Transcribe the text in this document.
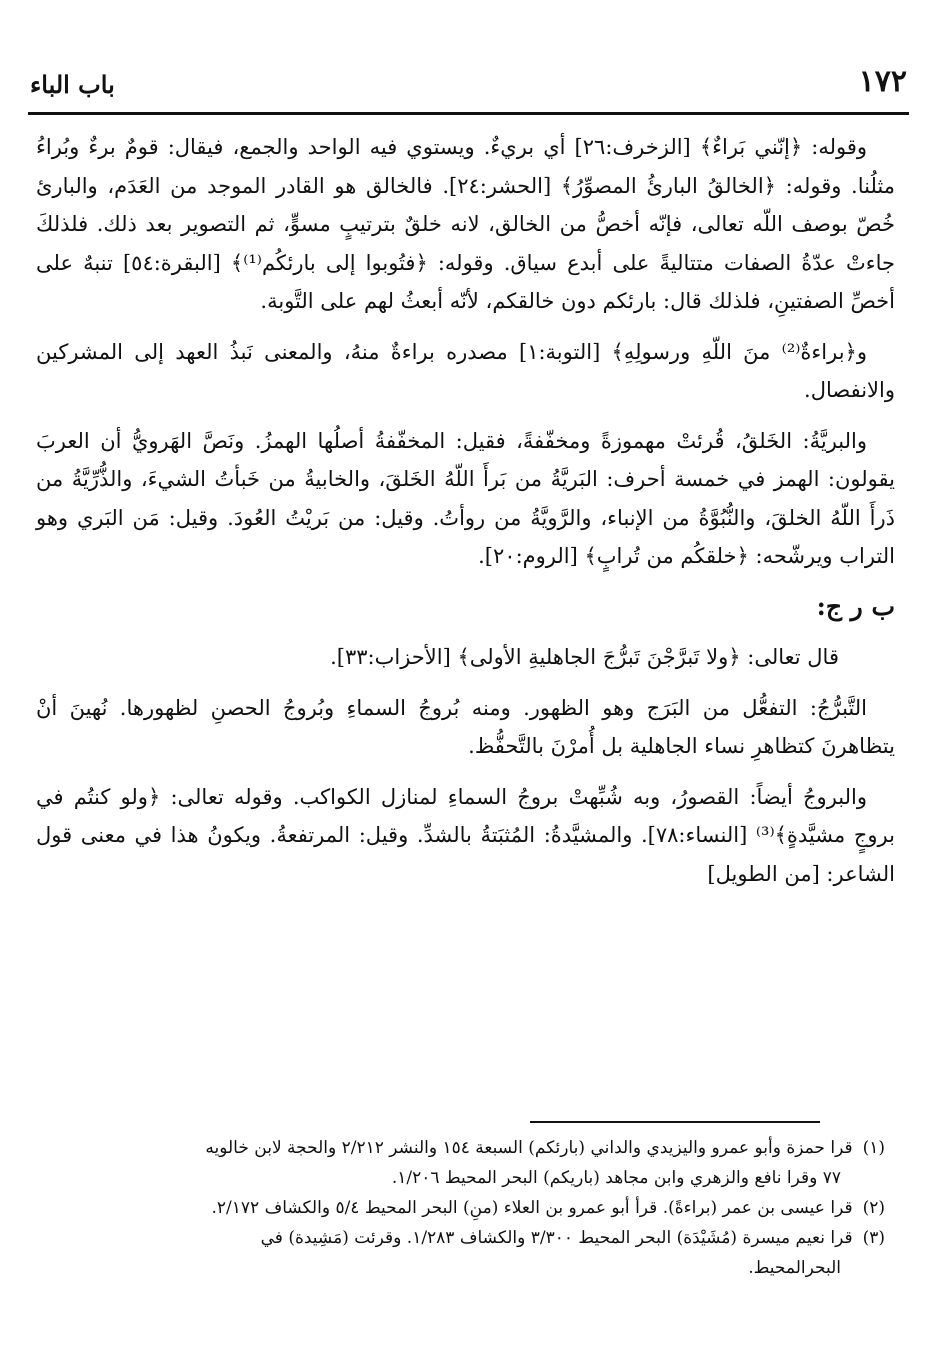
١٧٢
باب الباء

وقوله: ﴿إنّني بَراءٌ﴾ [الزخرف:٢٦] أي بريءٌ. ويستوي فيه الواحد والجمع، فيقال: قومٌ برءٌ وبُراءُ مثلُنا. وقوله: ﴿الخالقُ البارئُ المصوِّرُ﴾ [الحشر:٢٤]. فالخالق هو القادر الموجد من العَدَم، والبارئ خُصّ بوصف اللّه تعالى، فإنّه أخصُّ من الخالق، لانه خلقٌ بترتيبٍ مسوٍّ، ثم التصوير بعد ذلك. فلذلكَ جاءتْ عدّةُ الصفات متتاليةً على أبدع سياق. وقوله: ﴿فتُوبوا إلى بارئكُم⁽¹⁾﴾ [البقرة:٥٤] تنبهٌ على أخصِّ الصفتينِ، فلذلك قال: بارئكم دون خالقكم، لأنّه أبعثُ لهم على التَّوبة.

و﴿براءةٌ⁽²⁾ منَ اللّهِ ورسولِهِ﴾ [التوبة:١] مصدره براءةٌ منهُ، والمعنى نَبذُ العهد إلى المشركين والانفصال.

والبريَّةُ: الخَلقُ، قُرئتْ مهموزةً ومخفّفةً، فقيل: المخفّفةُ أصلُها الهمزُ. ونَصَّ الهَرويُّ أن العربَ يقولون: الهمز في خمسة أحرف: البَريَّةُ من بَرأَ اللّهُ الخَلقَ، والخابيةُ من خَبأتُ الشيءَ، والذُّرِّيَّةُ من ذَرأَ اللّهُ الخلقَ، والنُّبُوَّةُ من الإنباء، والرَّويَّةُ من روأتُ. وقيل: من بَريْتُ العُودَ. وقيل: مَن البَري وهو التراب ويرشّحه: ﴿خلقكُم من تُرابٍ﴾ [الروم:٢٠].

ب ر ج:

قال تعالى: ﴿ولا تَبرَّجْنَ تَبرُّجَ الجاهليةِ الأولى﴾ [الأحزاب:٣٣].

التَّبرُّجُ: التفعُّل من البَرَج وهو الظهور. ومنه بُروجُ السماءِ وبُروجُ الحصنِ لظهورها. نُهينَ أنْ يتظاهرنَ كتظاهرِ نساء الجاهلية بل أُمرْنَ بالتَّحفُّظ.

والبروجُ أيضاً: القصورُ، وبه شُبِّهتْ بروجُ السماءِ لمنازل الكواكب. وقوله تعالى: ﴿ولو كنتُم في بروجٍ مشيَّدةٍ﴾⁽³⁾ [النساء:٧٨]. والمشيَّدةُ: المُثبَتةُ بالشدِّ. وقيل: المرتفعةُ. ويكونُ هذا في معنى قول الشاعر: [من الطويل]

(١)قرا حمزة وأبو عمرو واليزيدي والداني (بارئكم) السبعة ١٥٤ والنشر ٢/٢١٢ والحجة لابن خالويه
٧٧ وقرا نافع والزهري وابن مجاهد (باريكم) البحر المحيط ١/٢٠٦.

(٢)قرا عيسى بن عمر (براءةً). قرأ أبو عمرو بن العلاء (منِ) البحر المحيط ٥/٤ والكشاف ٢/١٧٢.

(٣)قرا نعيم ميسرة (مُشَيْدَة) البحر المحيط ٣/٣٠٠ والكشاف ١/٢٨٣. وقرئت (مَشِيدة) في
البحرالمحيط.
